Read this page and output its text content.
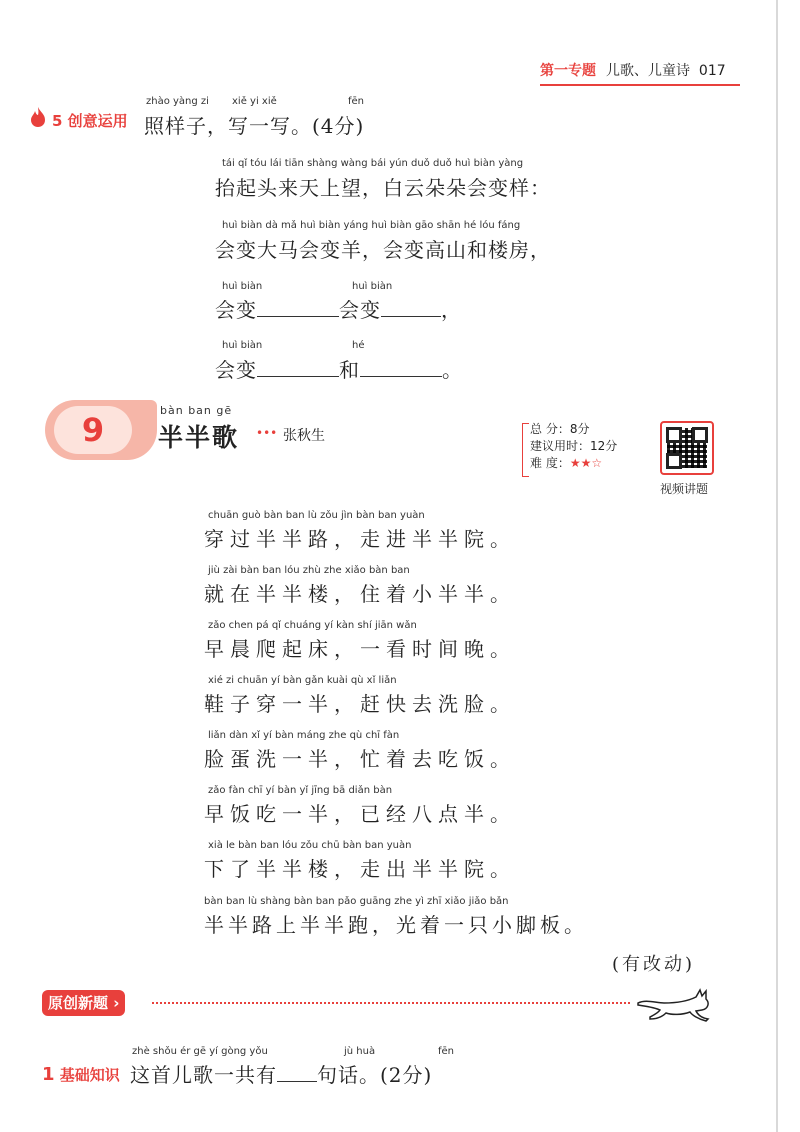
第一专题 儿歌、儿童诗 017
5 创意运用
zhào yàng zi xiě yi xiě	fēn
照样子，写一写。(4分)
tái qǐ tóu lái tiān shàng wàng bái yún duǒ duǒ huì biàn yàng
抬起头来天上望，白云朵朵会变样：
huì biàn dà mǎ huì biàn yáng huì biàn gāo shān hé lóu fáng
会变大马会变羊，会变高山和楼房，
huì biàn	huì biàn
会变	会变	，
huì biàn	hé
会变	和	。
9
bàn ban gē
半半歌 ••• 张秋生	总 分：8分
建议用时：12分
难 度：★★☆
视频讲题
chuān guò bàn ban lù zǒu jìn bàn ban yuàn
穿过半半路，走进半半院。
jiù zài bàn ban lóu zhù zhe xiǎo bàn ban
就在半半楼，住着小半半。
zǎo chen pá qǐ chuáng yí kàn shí jiān wǎn
早晨爬起床，一看时间晚。
xié zi chuān yí bàn gǎn kuài qù xǐ liǎn
鞋子穿一半，赶快去洗脸。
liǎn dàn xǐ yí bàn máng zhe qù chī fàn
脸蛋洗一半，忙着去吃饭。
zǎo fàn chī yí bàn yǐ jīng bā diǎn bàn
早饭吃一半，已经八点半。
xià le bàn ban lóu zǒu chū bàn ban yuàn
下了半半楼，走出半半院。
bàn ban lù shàng bàn ban pǎo guāng zhe yì zhī xiǎo jiǎo bǎn
半半路上半半跑，光着一只小脚板。
(有改动)
原创新题 ›
1 基础知识
zhè shǒu ér gē yí gòng yǒu	jù huà	fēn
这首儿歌一共有 句话。(2分)
